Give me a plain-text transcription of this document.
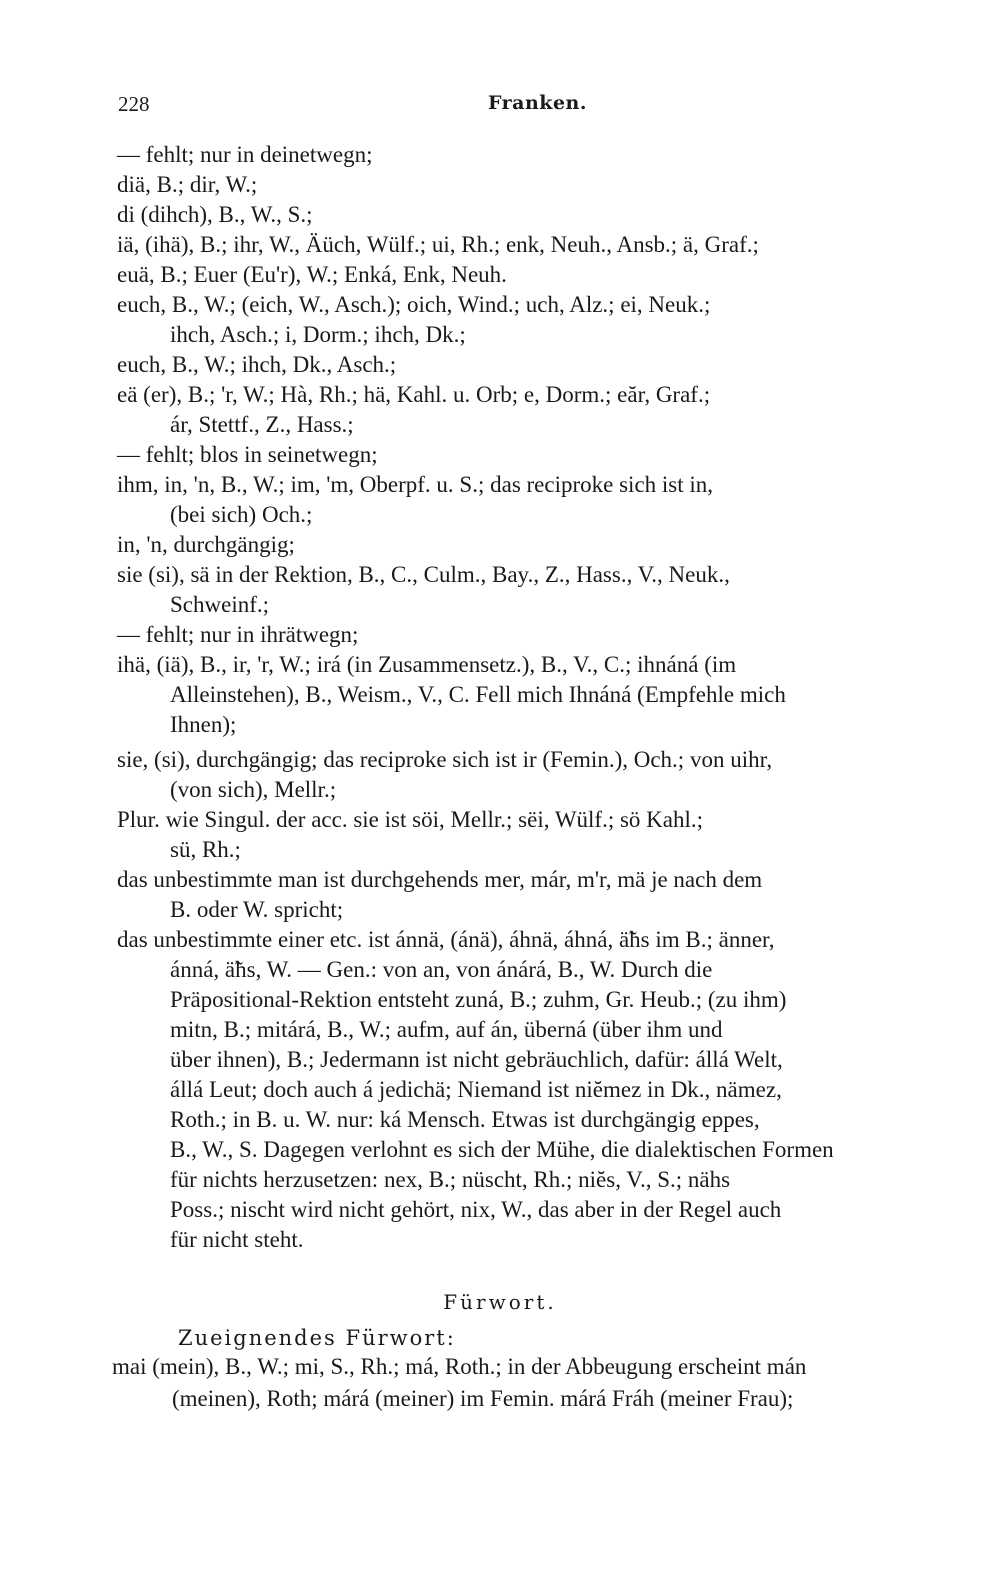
228	Franken.
— fehlt; nur in deinetwegn;
diä, B.; dir, W.;
di (dihch), B., W., S.;
iä, (ihä), B.; ihr, W., Äüch, Wülf.; ui, Rh.; enk, Neuh., Ansb.; ä, Graf.;
euä, B.; Euer (Eu'r), W.; Enká, Enk, Neuh.
euch, B., W.; (eich, W., Asch.); oich, Wind.; uch, Alz.; ei, Neuk.;
ihch, Asch.; i, Dorm.; ihch, Dk.;
euch, B., W.; ihch, Dk., Asch.;
eä (er), B.; 'r, W.; Hà, Rh.; hä, Kahl. u. Orb; e, Dorm.; eăr, Graf.;
ár, Stettf., Z., Hass.;
— fehlt; blos in seinetwegn;
ihm, in, 'n, B., W.; im, 'm, Oberpf. u. S.; das reciproke sich ist in,
(bei sich) Och.;
in, 'n, durchgängig;
sie (si), sä in der Rektion, B., C., Culm., Bay., Z., Hass., V., Neuk.,
Schweinf.;
— fehlt; nur in ihrätwegn;
ihä, (iä), B., ir, 'r, W.; irá (in Zusammensetz.), B., V., C.; ihnáná (im
Alleinstehen), B., Weism., V., C. Fell mich Ihnáná (Empfehle mich
Ihnen);
sie, (si), durchgängig; das reciproke sich ist ir (Femin.), Och.; von uihr,
(von sich), Mellr.;
Plur. wie Singul. der acc. sie ist söi, Mellr.; sëi, Wülf.; sö Kahl.;
sü, Rh.;
das unbestimmte man ist durchgehends mer, már, m'r, mä je nach dem
B. oder W. spricht;
das unbestimmte einer etc. ist ánnä, (ánä), áhnä, áhná, ä̃hs im B.; änner,
ánná, ä̃hs, W. — Gen.: von an, von ánárá, B., W. Durch die
Präpositional-Rektion entsteht zuná, B.; zuhm, Gr. Heub.; (zu ihm)
mitn, B.; mitárá, B., W.; aufm, auf án, überná (über ihm und
über ihnen), B.; Jedermann ist nicht gebräuchlich, dafür: állá Welt,
állá Leut; doch auch á jedichä; Niemand ist niĕmez in Dk., nämez,
Roth.; in B. u. W. nur: ká Mensch. Etwas ist durchgängig eppes,
B., W., S. Dagegen verlohnt es sich der Mühe, die dialektischen Formen
für nichts herzusetzen: nex, B.; nüscht, Rh.; niĕs, V., S.; nähs
Poss.; nischt wird nicht gehört, nix, W., das aber in der Regel auch
für nicht steht.
Fürwort.
Zueignendes Fürwort:
mai (mein), B., W.; mi, S., Rh.; má, Roth.; in der Abbeugung erscheint mán
(meinen), Roth; márá (meiner) im Femin. márá Fráh (meiner Frau);
